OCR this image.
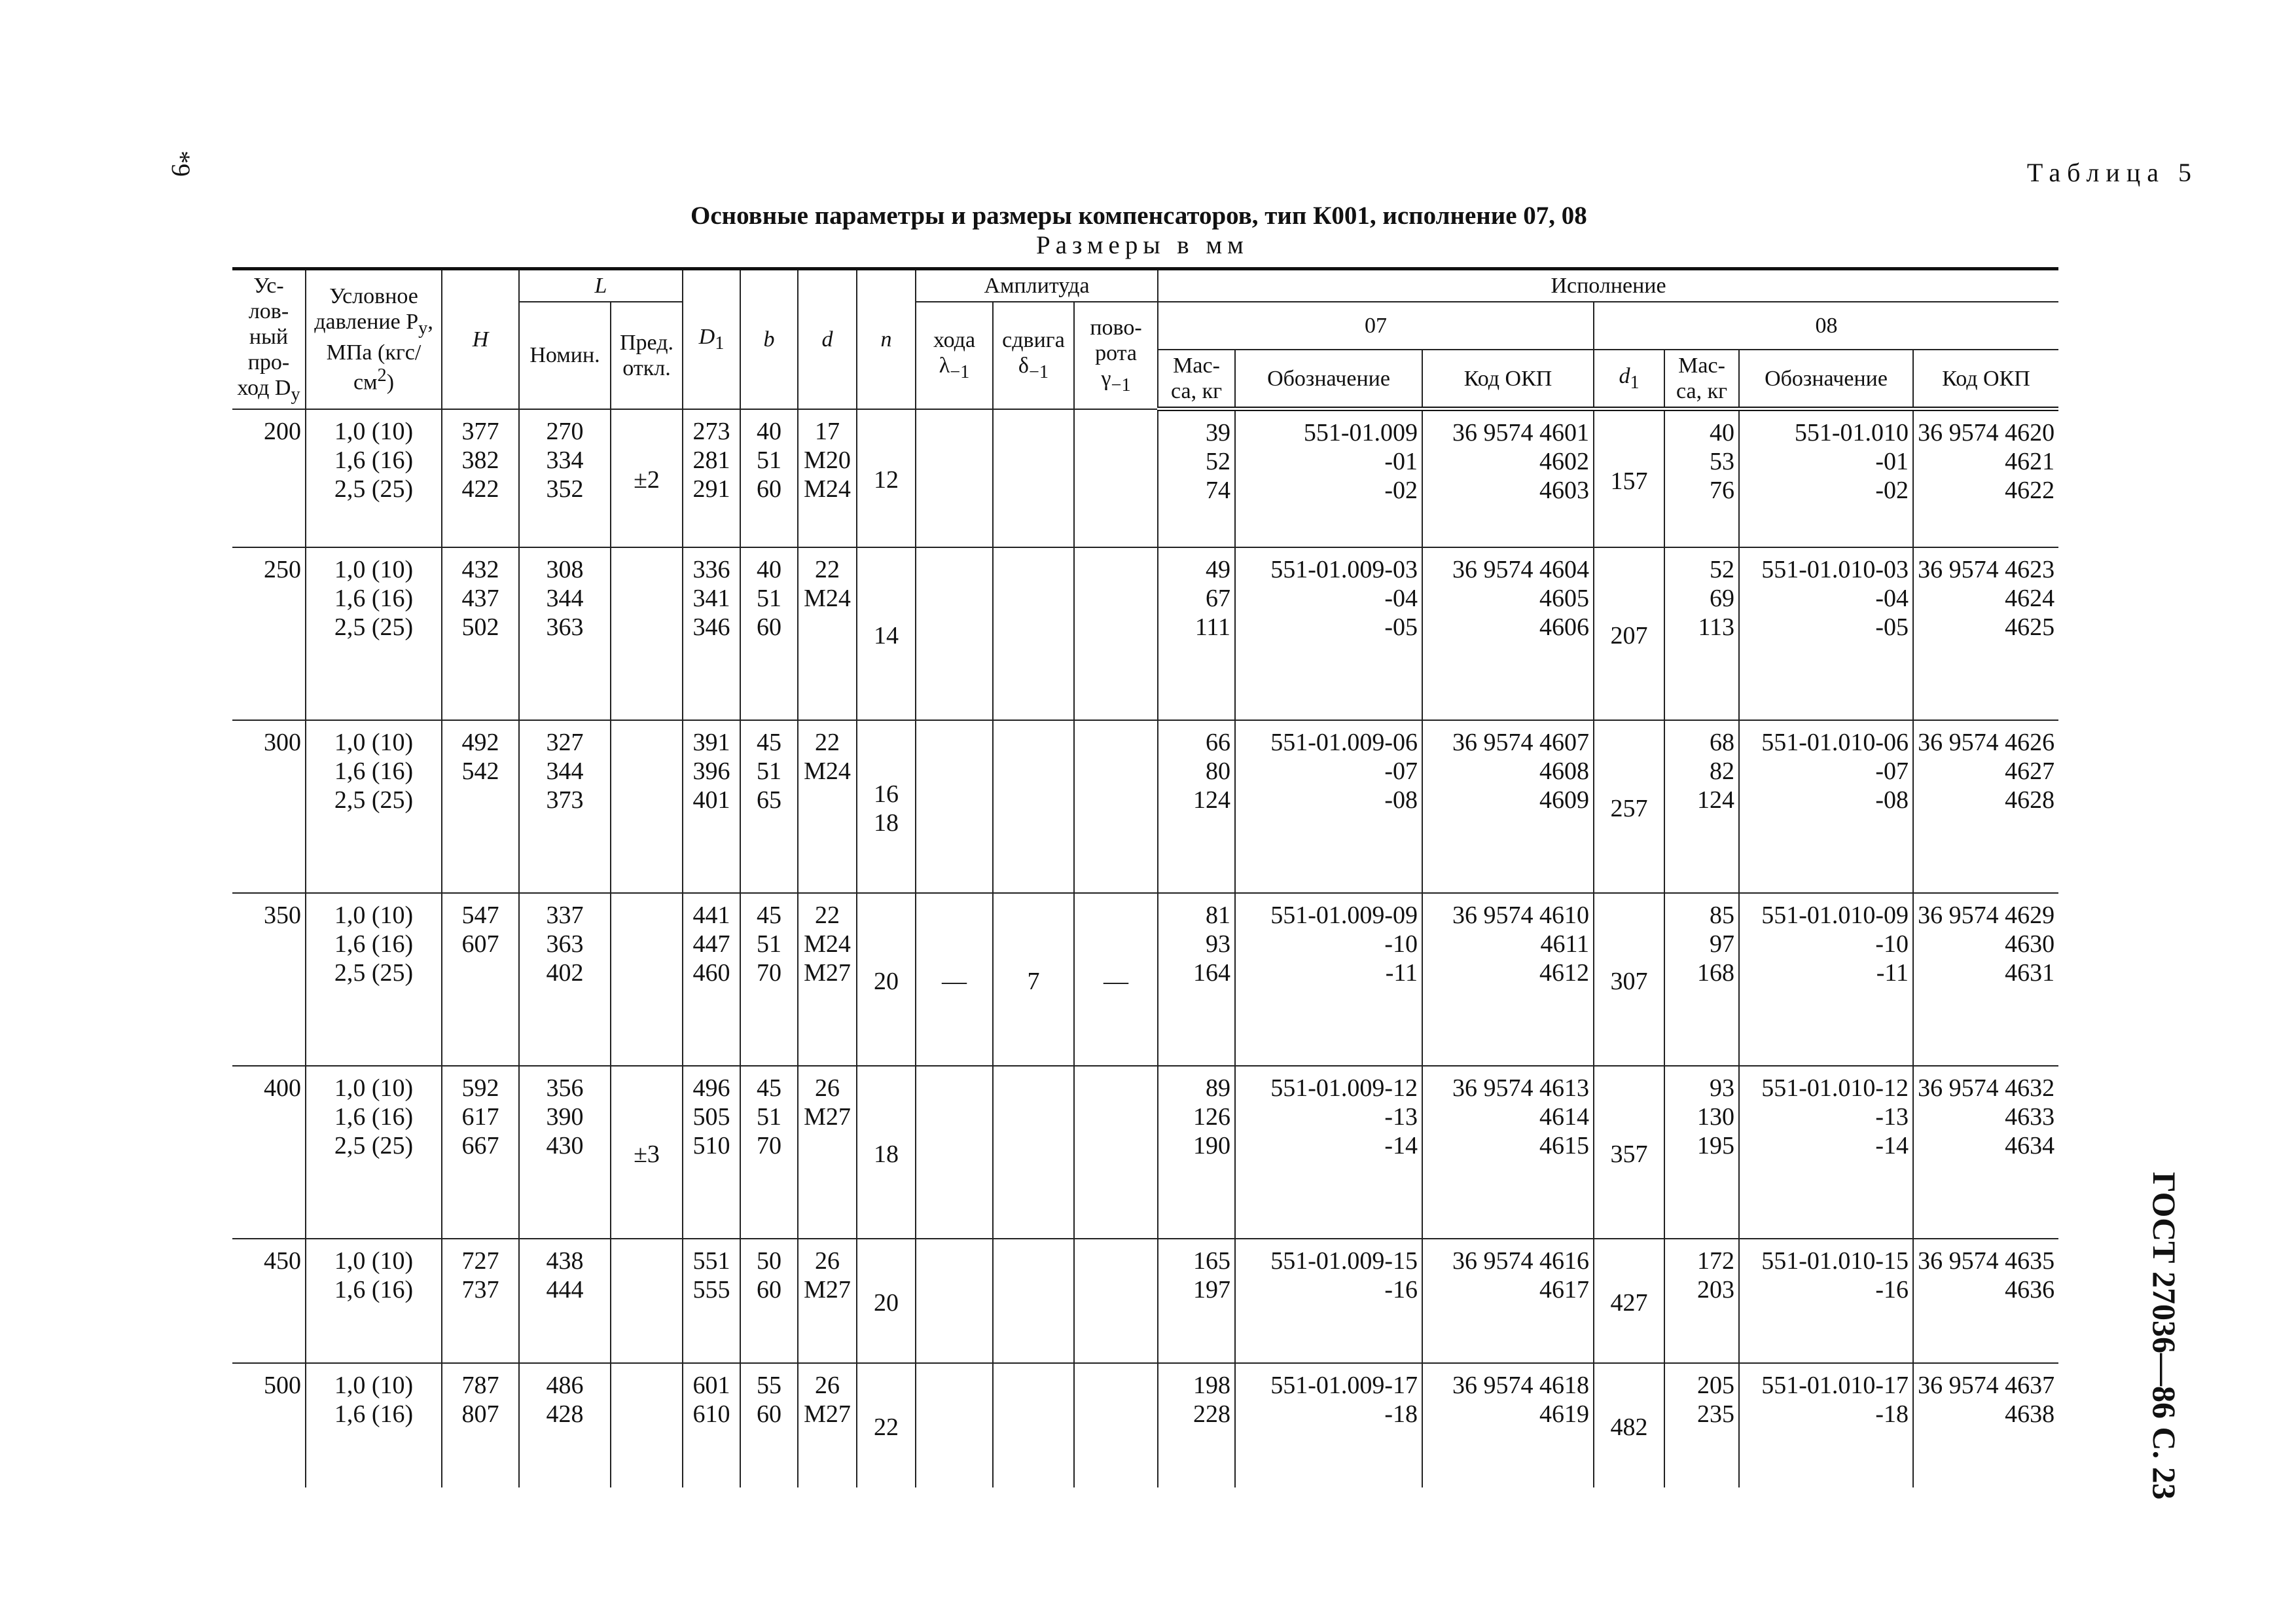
*9	Таблица 5
Основные параметры и размеры компенсаторов, тип К001, исполнение 07, 08
Размеры в мм
ГОСТ 27036—86 С. 23
Ус-лов-ный про-ход $D_у$	Условное давление $P_у$, МПа $(кгс/см^2)$	H	L		$D_1$	b	d	n	Амплитуда			Исполнение						
			Номин.	Пред. откл.					хода $\lambda_{-1}$	сдвига $\delta_{-1}$	пово-рота $\gamma_{-1}$	07			08			
												Мас-са, кг	Обозначение	Код ОКП	$d_1$	Мас-са, кг	Обозначение	Код ОКП
200	1,0 (10)
1,6 (16)
2,5 (25)	377
382
422	270
334
352	±2	273
281
291	40
51
60	17
M20
M24	12				39
52
74	551-01.009
-01
-02	36 9574 4601
4602
4603	157	40
53
76	551-01.010
-01
-02	36 9574 4620
4621
4622

250	1,0 (10)
1,6 (16)
2,5 (25)	432
437
502	308
344
363		336
341
346	40
51
60	22
M24	14				49
67
111	551-01.009-03
-04
-05	36 9574 4604
4605
4606	207	52
69
113	551-01.010-03
-04
-05	36 9574 4623
4624
4625

300	1,0 (10)
1,6 (16)
2,5 (25)	492
542	327
344
373		391
396
401	45
51
65	22
M24	16
18				66
80
124	551-01.009-06
-07
-08	36 9574 4607
4608
4609	257	68
82
124	551-01.010-06
-07
-08	36 9574 4626
4627
4628

350	1,0 (10)
1,6 (16)
2,5 (25)	547
607	337
363
402		441
447
460	45
51
70	22
M24
M27	20	—	7	—	81
93
164	551-01.009-09
-10
-11	36 9574 4610
4611
4612	307	85
97
168	551-01.010-09
-10
-11	36 9574 4629
4630
4631

400	1,0 (10)
1,6 (16)
2,5 (25)	592
617
667	356
390
430	±3	496
505
510	45
51
70	26
M27	18				89
126
190	551-01.009-12
-13
-14	36 9574 4613
4614
4615	357	93
130
195	551-01.010-12
-13
-14	36 9574 4632
4633
4634

450	1,0 (10)
1,6 (16)	727
737	438
444		551
555	50
60	26
M27	20				165
197	551-01.009-15
-16	36 9574 4616
4617	427	172
203	551-01.010-15
-16	36 9574 4635
4636

500	1,0 (10)
1,6 (16)	787
807	486
428		601
610	55
60	26
M27	22				198
228	551-01.009-17
-18	36 9574 4618
4619	482	205
235	551-01.010-17
-18	36 9574 4637
4638
